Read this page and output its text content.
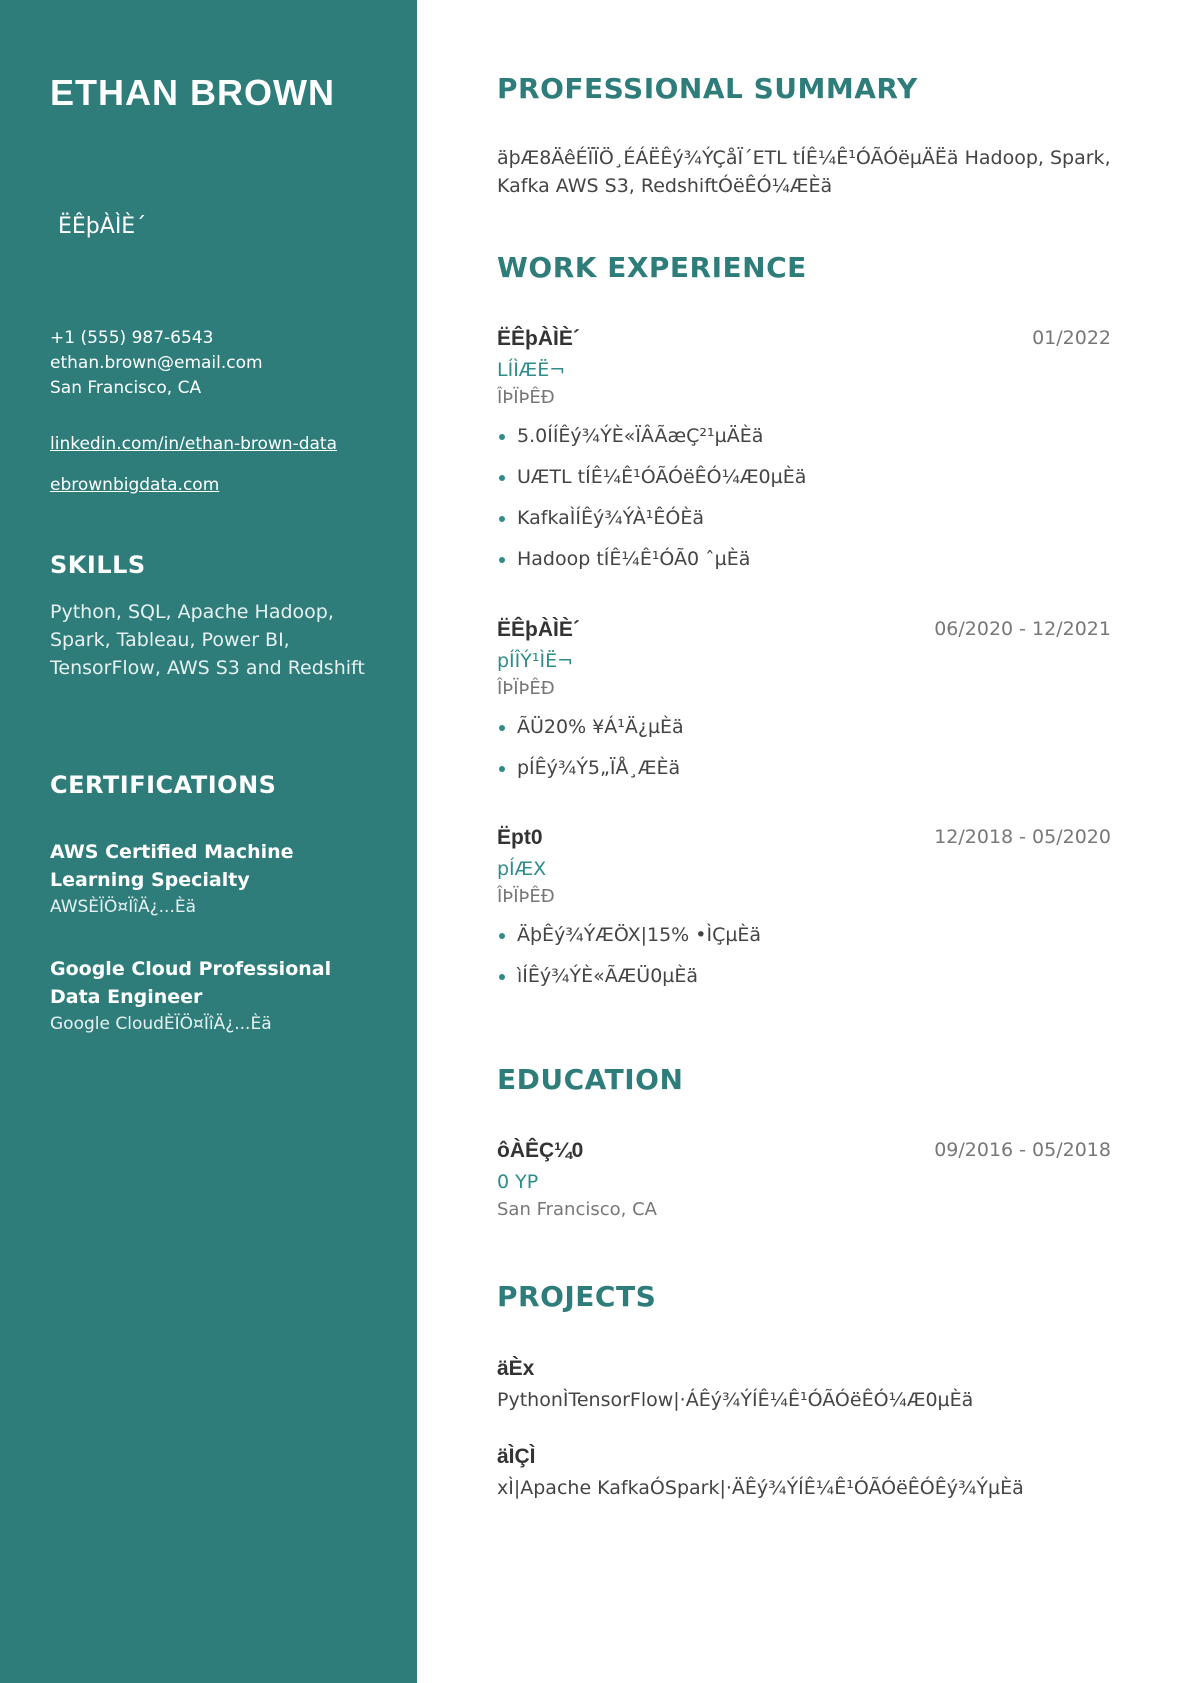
ETHAN BROWN
ËÊþÀÌÈ´
+1 (555) 987-6543
ethan.brown@email.com
San Francisco, CA
linkedin.com/in/ethan-brown-data
ebrownbigdata.com
SKILLS
Python, SQL, Apache Hadoop, Spark, Tableau, Power BI, TensorFlow, AWS S3 and Redshift
CERTIFICATIONS
AWS Certified Machine Learning Specialty
AWSÈÏÖ¤ÏîÄ¿...Èä
Google Cloud Professional Data Engineer
Google CloudÈÏÖ¤ÏîÄ¿...Èä
PROFESSIONAL SUMMARY
äþÆ8ÄêÉÏÏÖ¸ÉÁËÊý¾ÝÇåÏ´ETL tÍÊ¼Ê¹ÓÃÓëµÄËä Hadoop, Spark, Kafka AWS S3, RedshiftÓëÊÓ¼ÆÈä
WORK EXPERIENCE
ËÊþÀÌÈ´	01/2022
LÍÌÆË¬
ÎÞÏÞÊÐ
5.0ÍÍÊý¾ÝÈ«ÏÂÃæÇ²¹µÄÈä
UÆTL tÍÊ¼Ê¹ÓÃÓëÊÓ¼Æ0µÈä
KafkaÌÍÊý¾ÝÀ¹ÊÓÈä
Hadoop tÍÊ¼Ê¹ÓÃ0 ˆµÈä
ËÊþÀÌÈ´	06/2020 - 12/2021
pÍÎÝ¹ÌË¬
ÎÞÏÞÊÐ
ÃÜ20% ¥Á¹Ä¿µÈä
pÍÊý¾Ý5„ÏÅ¸ÆÈä
Ëpt0	12/2018 - 05/2020
pÍÆX
ÎÞÏÞÊÐ
ÄþÊý¾ÝÆÖX|15% •ÌÇµÈä
ìÍÊý¾ÝÈ«ÃÆÜ0µÈä
EDUCATION
ôÀÊÇ¼0	09/2016 - 05/2018
0 YP
San Francisco, CA
PROJECTS
äÈx
PythonÌTensorFlow|·ÁÊý¾ÝÍÊ¼Ê¹ÓÃÓëÊÓ¼Æ0µÈä
äÌÇÌ
xÌ|Apache KafkaÓSpark|·ÄÊý¾ÝÍÊ¼Ê¹ÓÃÓëÊÓÊý¾ÝµÈä
